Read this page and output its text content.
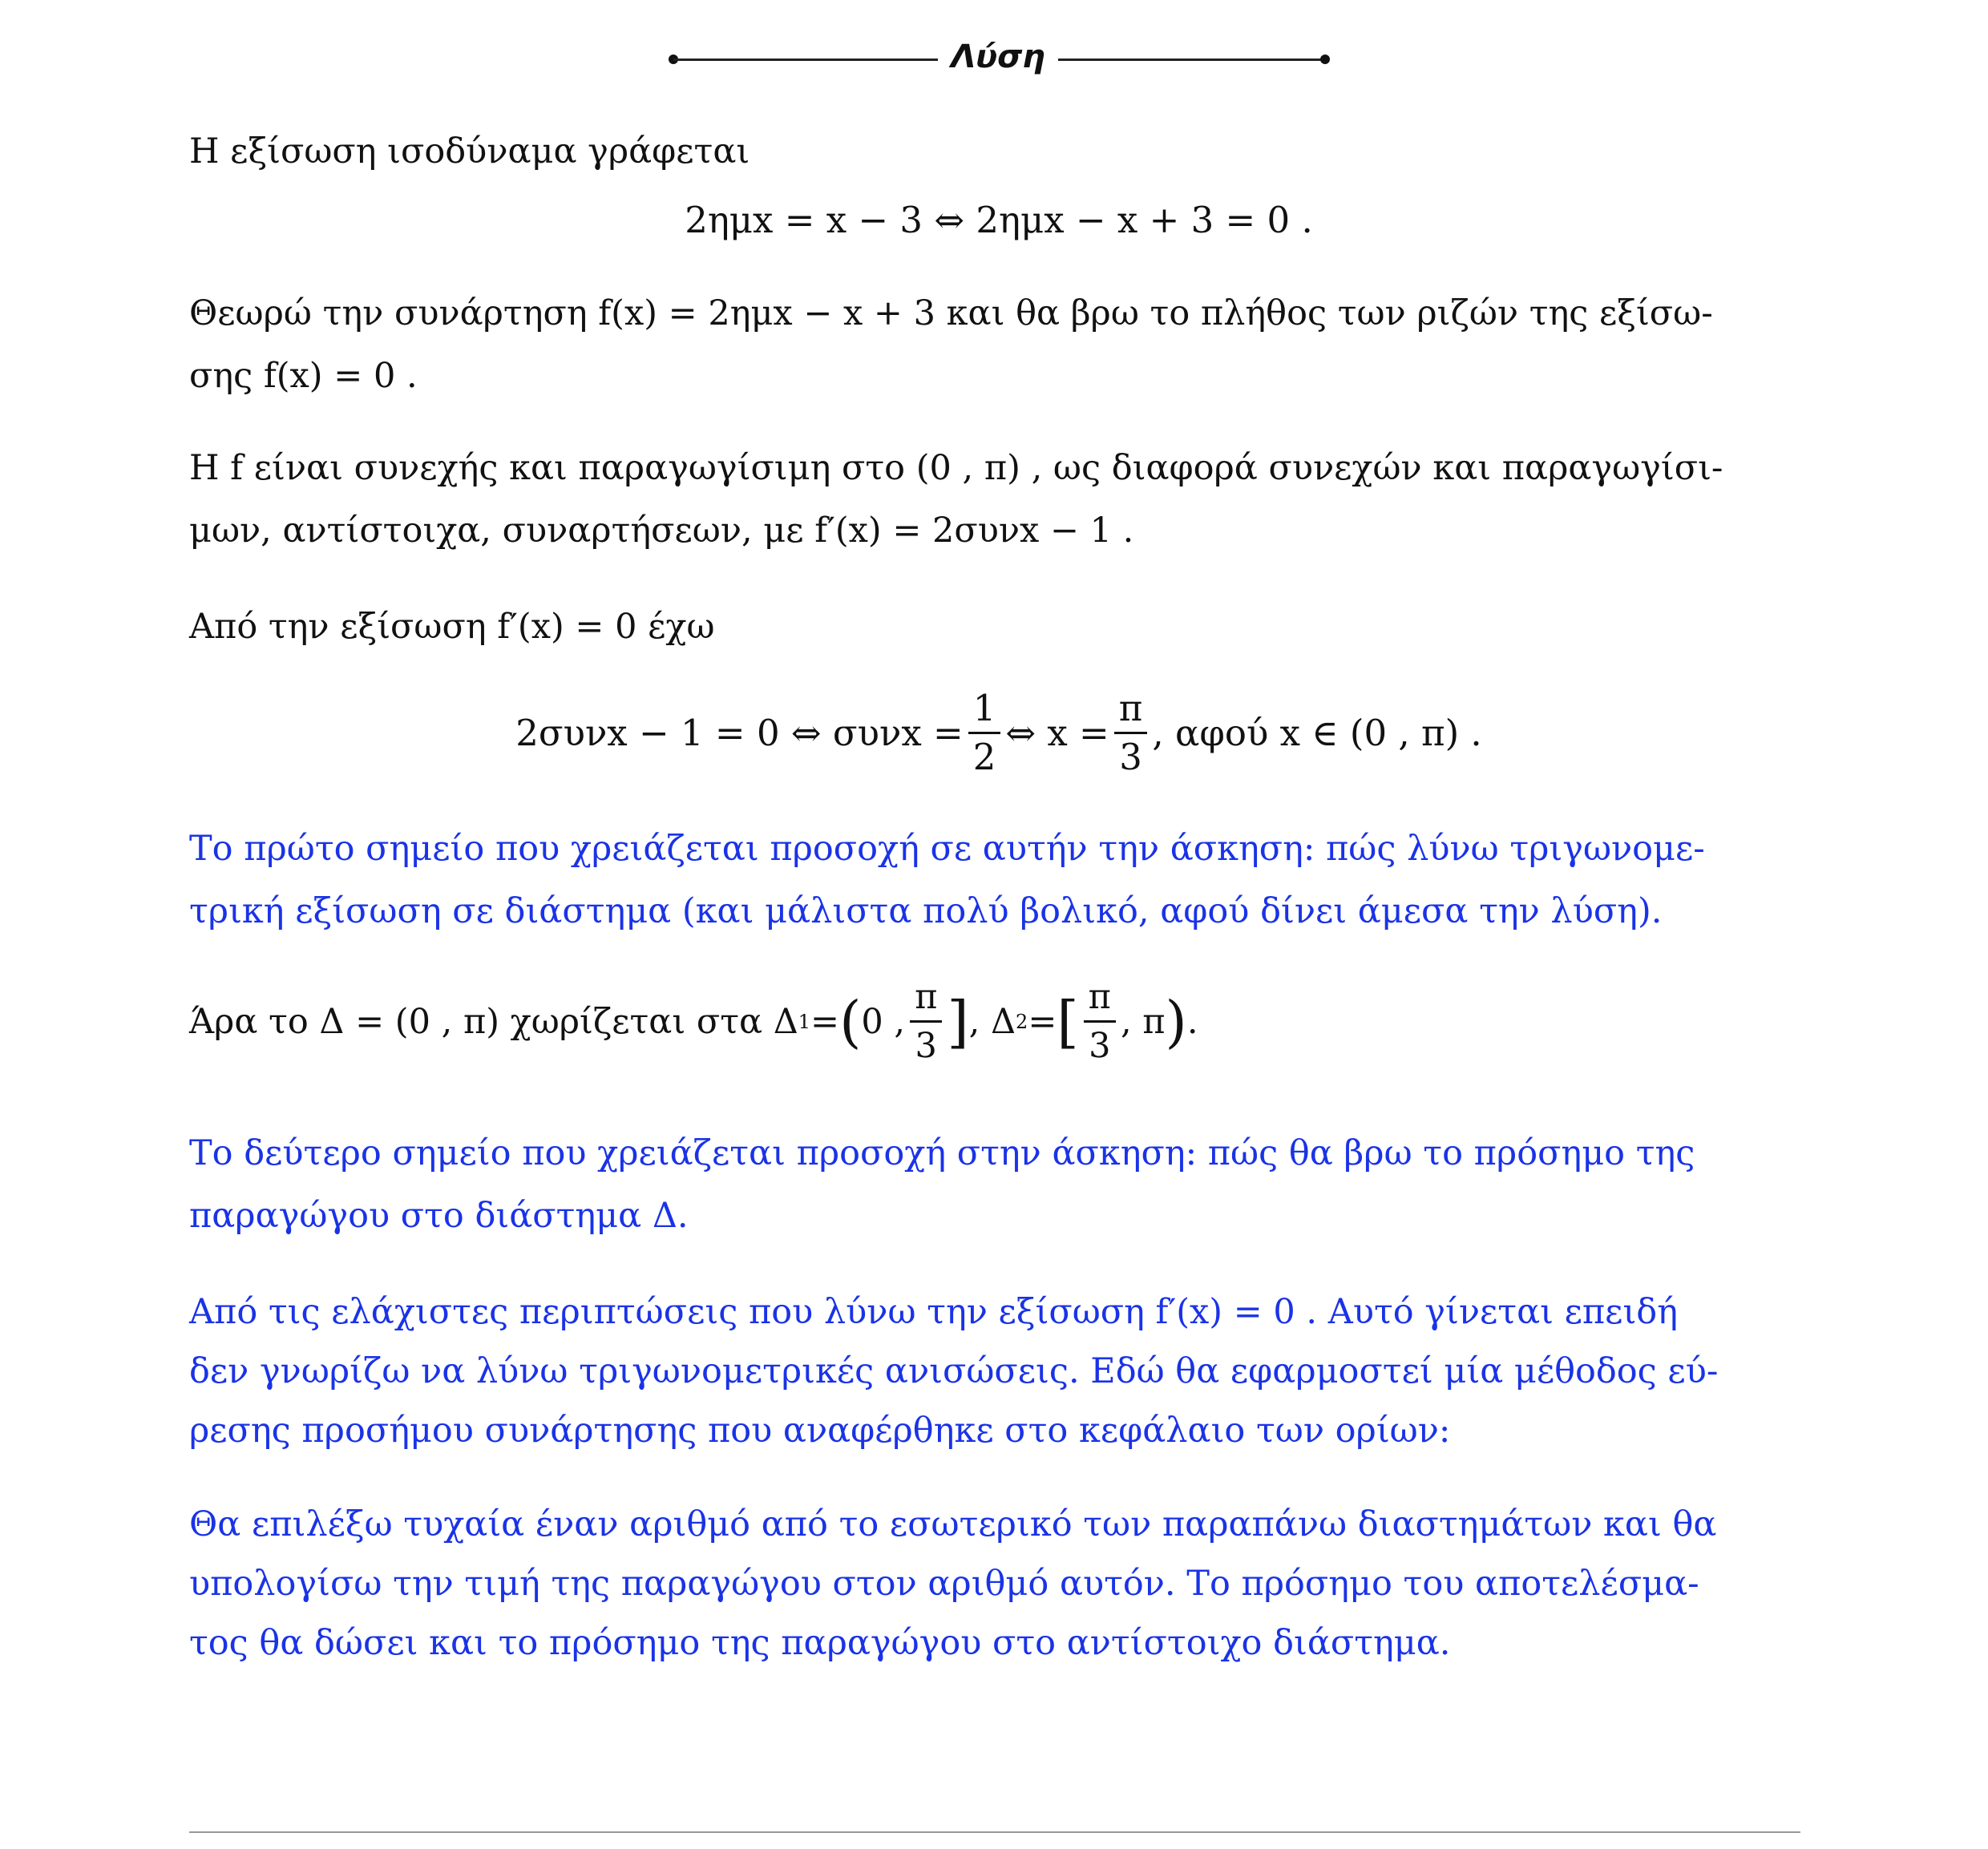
Λύση

Η εξίσωση ισοδύναμα γράφεται

2ημx = x − 3 ⇔ 2ημx − x + 3 = 0 .
Θεωρώ την συνάρτηση f(x) = 2ημx − x + 3 και θα βρω το πλήθος των ριζών της εξίσω-
σης f(x) = 0 .
Η f είναι συνεχής και παραγωγίσιμη στο (0 , π) , ως διαφορά συνεχών και παραγωγίσι-
μων, αντίστοιχα, συναρτήσεων, με f′(x) = 2συνx − 1 .

Από την εξίσωση f′(x) = 0 έχω

2συνx − 1 = 0 ⇔ $\sigma\upsilon\nu x = \frac{1}{2}$ ⇔ $x = \frac{\pi}{3}$ , αφού x ∈ (0 , π) .
Το πρώτο σημείο που χρειάζεται προσοχή σε αυτήν την άσκηση: πώς λύνω τριγωνομε-
τρική εξίσωση σε διάστημα (και μάλιστα πολύ βολικό, αφού δίνει άμεσα την λύση).
Άρα το Δ = (0 , π) χωρίζεται στα Δ 1 = ( 0 , $\frac{\pi}{3}$ ] , Δ 2 = [ $\frac{\pi}{3}$ , π ) .
Το δεύτερο σημείο που χρειάζεται προσοχή στην άσκηση: πώς θα βρω το πρόσημο της
παραγώγου στο διάστημα Δ.
Από τις ελάχιστες περιπτώσεις που λύνω την εξίσωση f′(x) = 0 . Αυτό γίνεται επειδή
δεν γνωρίζω να λύνω τριγωνομετρικές ανισώσεις. Εδώ θα εφαρμοστεί μία μέθοδος εύ-
ρεσης προσήμου συνάρτησης που αναφέρθηκε στο κεφάλαιο των ορίων:
Θα επιλέξω τυχαία έναν αριθμό από το εσωτερικό των παραπάνω διαστημάτων και θα
υπολογίσω την τιμή της παραγώγου στον αριθμό αυτόν. Το πρόσημο του αποτελέσμα-
τος θα δώσει και το πρόσημο της παραγώγου στο αντίστοιχο διάστημα.
